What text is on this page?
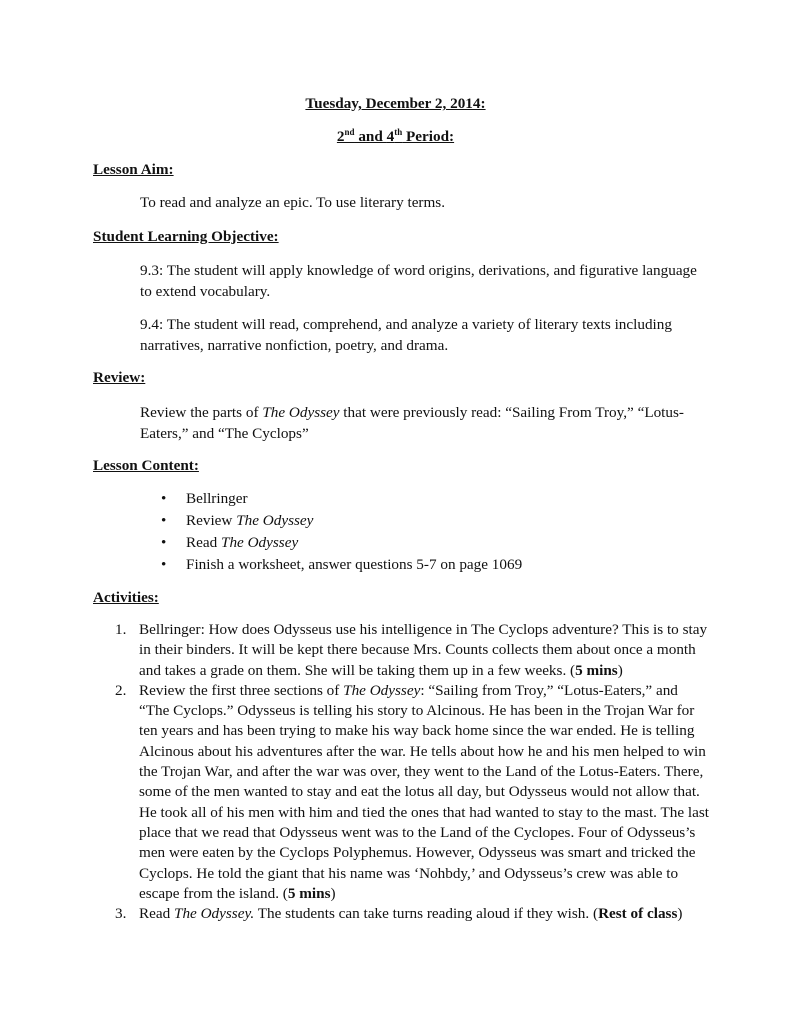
Tuesday, December 2, 2014:
2nd and 4th Period:
Lesson Aim:
To read and analyze an epic. To use literary terms.
Student Learning Objective:
9.3: The student will apply knowledge of word origins, derivations, and figurative language to extend vocabulary.
9.4: The student will read, comprehend, and analyze a variety of literary texts including narratives, narrative nonfiction, poetry, and drama.
Review:
Review the parts of The Odyssey that were previously read: “Sailing From Troy,” “Lotus-Eaters,” and “The Cyclops”
Lesson Content:
• Bellringer
• Review The Odyssey
• Read The Odyssey
• Finish a worksheet, answer questions 5-7 on page 1069
Activities:
1. Bellringer: How does Odysseus use his intelligence in The Cyclops adventure? This is to stay in their binders. It will be kept there because Mrs. Counts collects them about once a month and takes a grade on them. She will be taking them up in a few weeks. (5 mins)
2. Review the first three sections of The Odyssey: “Sailing from Troy,” “Lotus-Eaters,” and “The Cyclops.” Odysseus is telling his story to Alcinous. He has been in the Trojan War for ten years and has been trying to make his way back home since the war ended. He is telling Alcinous about his adventures after the war. He tells about how he and his men helped to win the Trojan War, and after the war was over, they went to the Land of the Lotus-Eaters. There, some of the men wanted to stay and eat the lotus all day, but Odysseus would not allow that. He took all of his men with him and tied the ones that had wanted to stay to the mast. The last place that we read that Odysseus went was to the Land of the Cyclopes. Four of Odysseus’s men were eaten by the Cyclops Polyphemus. However, Odysseus was smart and tricked the Cyclops. He told the giant that his name was ‘Nohbdy,’ and Odysseus’s crew was able to escape from the island. (5 mins)
3. Read The Odyssey. The students can take turns reading aloud if they wish. (Rest of class)
